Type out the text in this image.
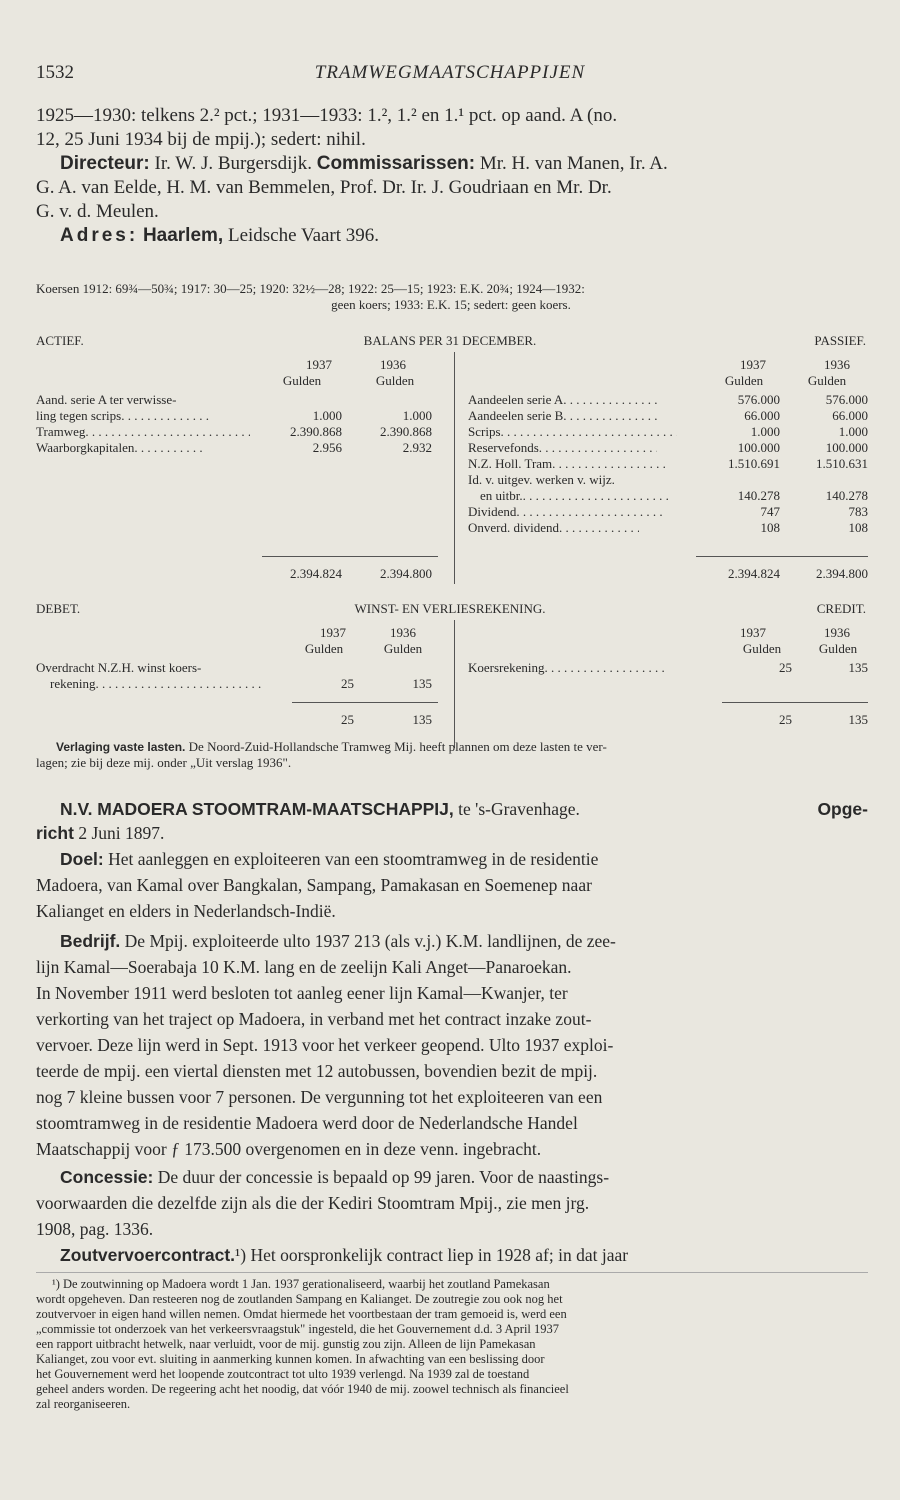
1532	TRAMWEGMAATSCHAPPIJEN
1925—1930: telkens 2.² pct.; 1931—1933: 1.², 1.² en 1.¹ pct. op aand. A (no.
12, 25 Juni 1934 bij de mpij.); sedert: nihil.
Directeur: Ir. W. J. Burgersdijk. Commissarissen: Mr. H. van Manen, Ir. A.
G. A. van Eelde, H. M. van Bemmelen, Prof. Dr. Ir. J. Goudriaan en Mr. Dr.
G. v. d. Meulen.
Adres: Haarlem, Leidsche Vaart 396.
Koersen 1912: 69¾—50¾; 1917: 30—25; 1920: 32½—28; 1922: 25—15; 1923: E.K. 20¾; 1924—1932:
geen koers; 1933: E.K. 15; sedert: geen koers.
ACTIEF.	BALANS PER 31 DECEMBER.	PASSIEF.
1937	1936
Gulden	Gulden
1937	1936
Gulden	Gulden
Aand. serie A ter verwisse-
ling tegen scrips . . .	1.000	1.000
Tramweg . . .	2.390.868	2.390.868
Waarborgkapitalen . . .	2.956	2.932
Aandeelen serie A . . .	576.000	576.000
Aandeelen serie B . . .	66.000	66.000
Scrips . . .	1.000	1.000
Reservefonds . . .	100.000	100.000
N.Z. Holl. Tram . . .	1.510.691	1.510.631
Id. v. uitgev. werken v. wijz.
en uitbr. . . .	140.278	140.278
Dividend . . .	747	783
Onverd. dividend . . .	108	108
2.394.824	2.394.800	2.394.824	2.394.800
DEBET.	WINST- EN VERLIESREKENING.	CREDIT.
1937	1936
Gulden	Gulden
1937	1936
Gulden	Gulden
Overdracht N.Z.H. winst koers-
rekening . . .	25	135
Koersrekening . . .	25	135
25	135	25	135
Verlaging vaste lasten. De Noord-Zuid-Hollandsche Tramweg Mij. heeft plannen om deze lasten te ver-
lagen; zie bij deze mij. onder „Uit verslag 1936".
N.V. MADOERA STOOMTRAM-MAATSCHAPPIJ, te 's-Gravenhage.	Opge-
richt 2 Juni 1897.
Doel: Het aanleggen en exploiteeren van een stoomtramweg in de residentie
Madoera, van Kamal over Bangkalan, Sampang, Pamakasan en Soemenep naar
Kalianget en elders in Nederlandsch-Indië.
Bedrijf. De Mpij. exploiteerde ulto 1937 213 (als v.j.) K.M. landlijnen, de zee-
lijn Kamal—Soerabaja 10 K.M. lang en de zeelijn Kali Anget—Panaroekan.
In November 1911 werd besloten tot aanleg eener lijn Kamal—Kwanjer, ter
verkorting van het traject op Madoera, in verband met het contract inzake zout-
vervoer. Deze lijn werd in Sept. 1913 voor het verkeer geopend. Ulto 1937 exploi-
teerde de mpij. een viertal diensten met 12 autobussen, bovendien bezit de mpij.
nog 7 kleine bussen voor 7 personen. De vergunning tot het exploiteeren van een
stoomtramweg in de residentie Madoera werd door de Nederlandsche Handel
Maatschappij voor ƒ 173.500 overgenomen en in deze venn. ingebracht.
Concessie: De duur der concessie is bepaald op 99 jaren. Voor de naastings-
voorwaarden die dezelfde zijn als die der Kediri Stoomtram Mpij., zie men jrg.
1908, pag. 1336.
Zoutvervoercontract.¹) Het oorspronkelijk contract liep in 1928 af; in dat jaar
¹) De zoutwinning op Madoera wordt 1 Jan. 1937 gerationaliseerd, waarbij het zoutland Pamekasan
wordt opgeheven. Dan resteeren nog de zoutlanden Sampang en Kalianget. De zoutregie zou ook nog het
zoutvervoer in eigen hand willen nemen. Omdat hiermede het voortbestaan der tram gemoeid is, werd een
„commissie tot onderzoek van het verkeersvraagstuk" ingesteld, die het Gouvernement d.d. 3 April 1937
een rapport uitbracht hetwelk, naar verluidt, voor de mij. gunstig zou zijn. Alleen de lijn Pamekasan
Kalianget, zou voor evt. sluiting in aanmerking kunnen komen. In afwachting van een beslissing door
het Gouvernement werd het loopende zoutcontract tot ulto 1939 verlengd. Na 1939 zal de toestand
geheel anders worden. De regeering acht het noodig, dat vóór 1940 de mij. zoowel technisch als financieel
zal reorganiseeren.
